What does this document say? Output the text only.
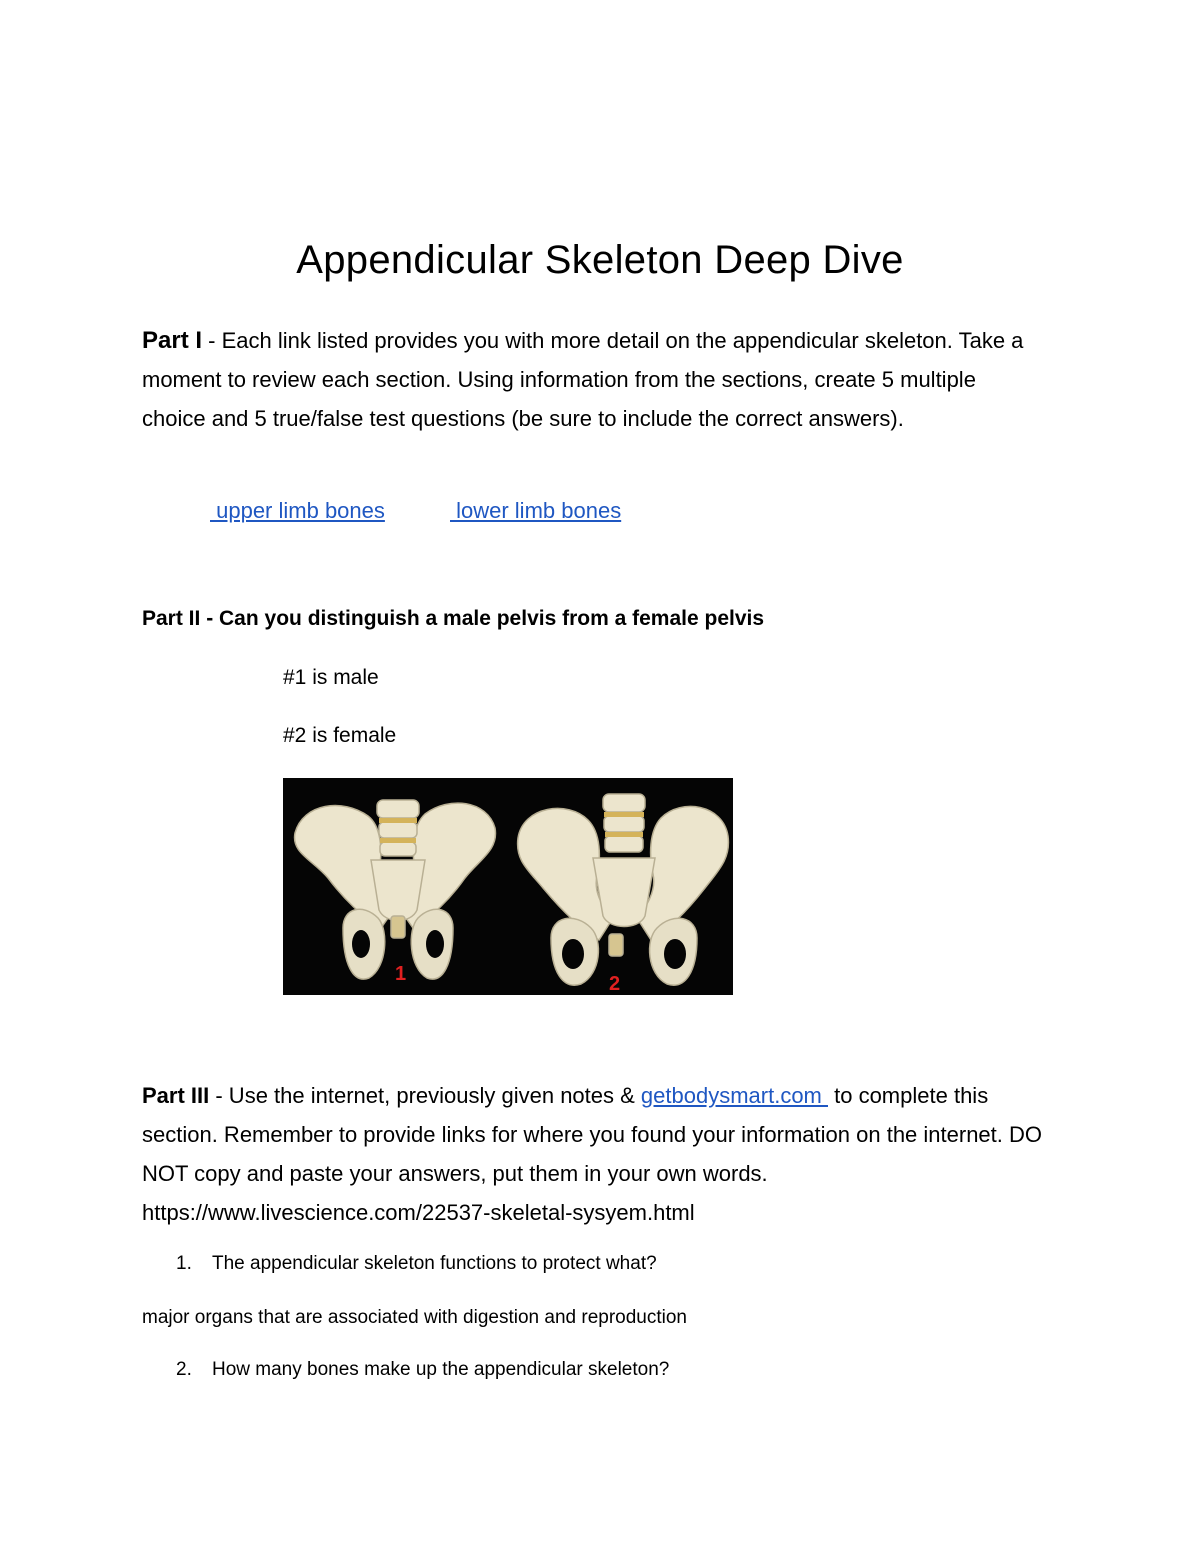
Appendicular Skeleton Deep Dive
Part I - Each link listed provides you with more detail on the appendicular skeleton. Take a moment to review each section. Using information from the sections, create 5 multiple choice and 5 true/false test questions (be sure to include the correct answers).
upper limb bones	lower limb bones
Part II - Can you distinguish a male pelvis from a female pelvis
#1 is male
#2 is female
1	2
Part III - Use the internet, previously given notes & getbodysmart.com  to complete this section. Remember to provide links for where you found your information on the internet. DO NOT copy and paste your answers, put them in your own words. https://www.livescience.com/22537-skeletal-sysyem.html
1. The appendicular skeleton functions to protect what?
major organs that are associated with digestion and reproduction
2. How many bones make up the appendicular skeleton?
